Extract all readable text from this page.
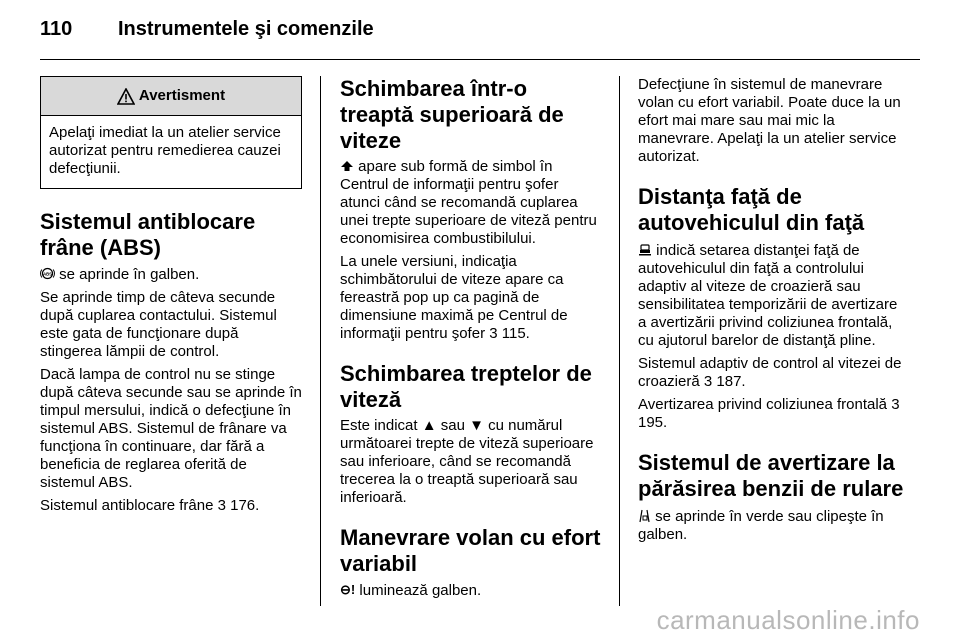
110 Instrumentele şi comenzile
Avertisment
Apelaţi imediat la un atelier service autorizat pentru remedierea cauzei defecţiunii.
Sistemul antiblocare frâne (ABS)

ABS se aprinde în galben.

Se aprinde timp de câteva secunde după cuplarea contactului. Sistemul este gata de funcţionare după stingerea lămpii de control.

Dacă lampa de control nu se stinge după câteva secunde sau se aprinde în timpul mersului, indică o defecţiune în sistemul ABS. Sistemul de frânare va funcţiona în continuare, dar fără a beneficia de reglarea oferită de sistemul ABS.

Sistemul antiblocare frâne 3 176.

Schimbarea într-o treaptă superioară de viteze

apare sub formă de simbol în Centrul de informaţii pentru şofer atunci când se recomandă cuplarea unei trepte superioare de viteză pentru economisirea combustibilului.

La unele versiuni, indicaţia schimbătorului de viteze apare ca fereastră pop up ca pagină de dimensiune maximă pe Centrul de informaţii pentru şofer 3 115.

Schimbarea treptelor de viteză

Este indicat ▲ sau ▼ cu numărul următoarei trepte de viteză superioare sau inferioare, când se recomandă trecerea la o treaptă superioară sau inferioară.

Manevrare volan cu efort variabil

⊖! luminează galben.

Defecţiune în sistemul de manevrare volan cu efort variabil. Poate duce la un efort mai mare sau mai mic la manevrare. Apelaţi la un atelier service autorizat.

Distanţa faţă de autovehiculul din faţă

indică setarea distanţei faţă de autovehiculul din faţă a controlului adaptiv al viteze de croazieră sau sensibilitatea temporizării de avertizare a avertizării privind coliziunea frontală, cu ajutorul barelor de distanţă pline.

Sistemul adaptiv de control al vitezei de croazieră 3 187.

Avertizarea privind coliziunea frontală 3 195.

Sistemul de avertizare la părăsirea benzii de rulare

se aprinde în verde sau clipeşte în galben.

carmanualsonline.info
